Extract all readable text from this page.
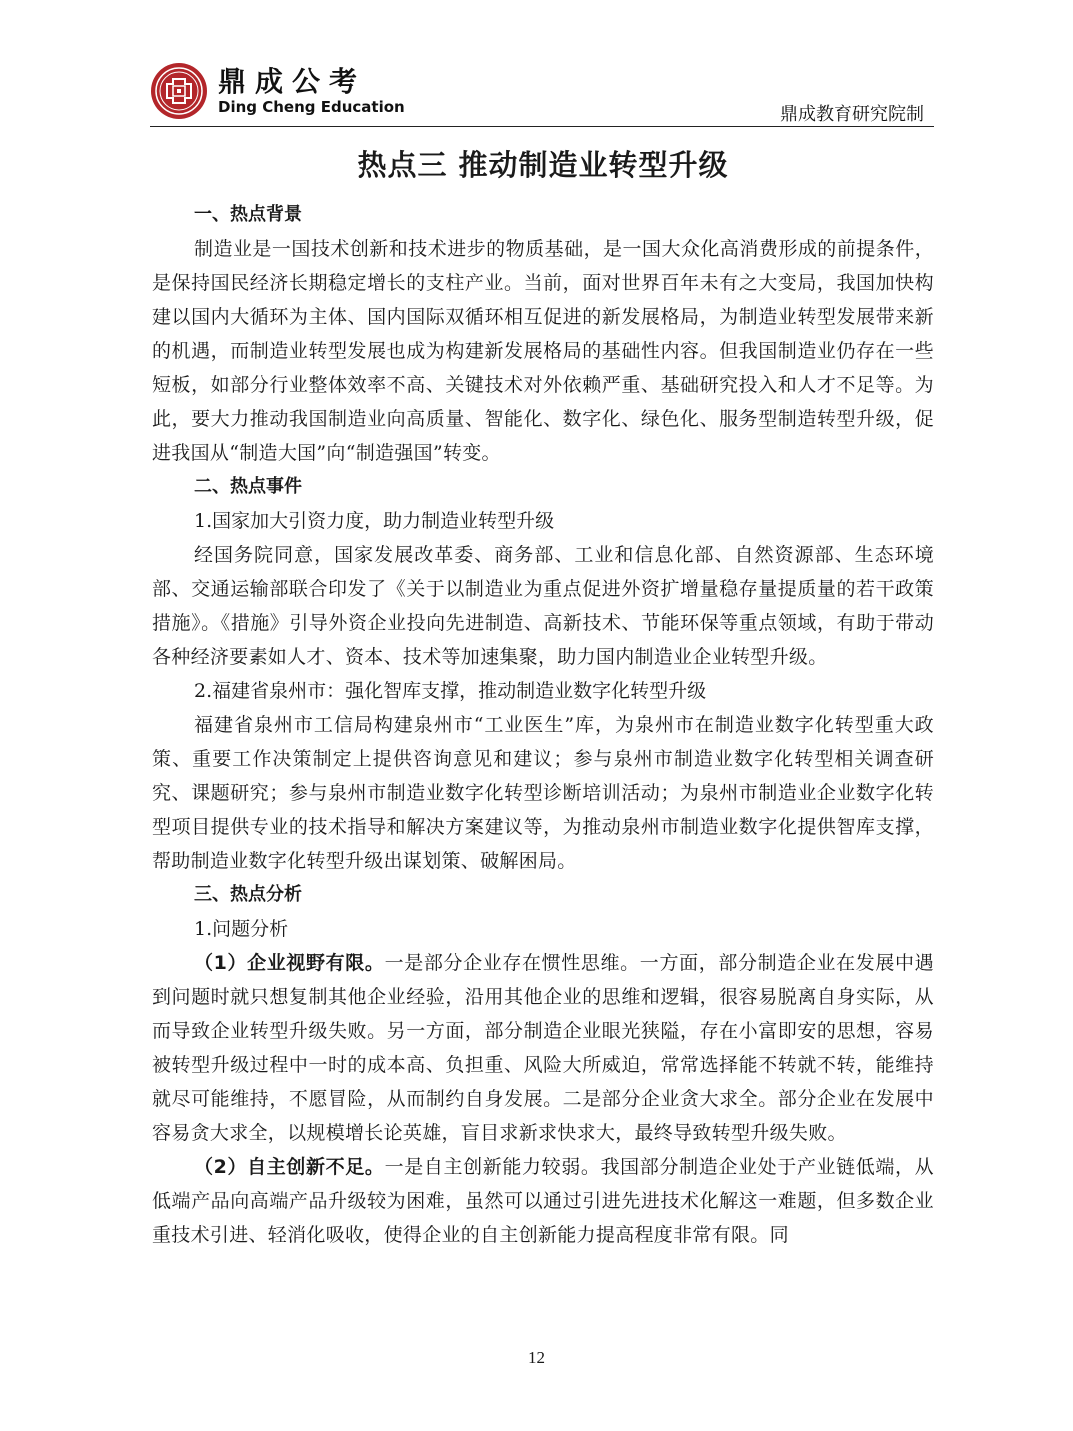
鼎成公考
Ding Cheng Education	鼎成教育研究院制
热点三 推动制造业转型升级

一、热点背景

制造业是一国技术创新和技术进步的物质基础，是一国大众化高消费形成的前提条件，是保持国民经济长期稳定增长的支柱产业。当前，面对世界百年未有之大变局，我国加快构建以国内大循环为主体、国内国际双循环相互促进的新发展格局，为制造业转型发展带来新的机遇，而制造业转型发展也成为构建新发展格局的基础性内容。但我国制造业仍存在一些短板，如部分行业整体效率不高、关键技术对外依赖严重、基础研究投入和人才不足等。为此，要大力推动我国制造业向高质量、智能化、数字化、绿色化、服务型制造转型升级，促进我国从“制造大国”向“制造强国”转变。

二、热点事件

1.国家加大引资力度，助力制造业转型升级

经国务院同意，国家发展改革委、商务部、工业和信息化部、自然资源部、生态环境部、交通运输部联合印发了《关于以制造业为重点促进外资扩增量稳存量提质量的若干政策措施》。《措施》引导外资企业投向先进制造、高新技术、节能环保等重点领域，有助于带动各种经济要素如人才、资本、技术等加速集聚，助力国内制造业企业转型升级。

2.福建省泉州市：强化智库支撑，推动制造业数字化转型升级

福建省泉州市工信局构建泉州市“工业医生”库，为泉州市在制造业数字化转型重大政策、重要工作决策制定上提供咨询意见和建议；参与泉州市制造业数字化转型相关调查研究、课题研究；参与泉州市制造业数字化转型诊断培训活动；为泉州市制造业企业数字化转型项目提供专业的技术指导和解决方案建议等，为推动泉州市制造业数字化提供智库支撑，帮助制造业数字化转型升级出谋划策、破解困局。

三、热点分析

1.问题分析

（1）企业视野有限。一是部分企业存在惯性思维。一方面，部分制造企业在发展中遇到问题时就只想复制其他企业经验，沿用其他企业的思维和逻辑，很容易脱离自身实际，从而导致企业转型升级失败。另一方面，部分制造企业眼光狭隘，存在小富即安的思想，容易被转型升级过程中一时的成本高、负担重、风险大所威迫，常常选择能不转就不转，能维持就尽可能维持，不愿冒险，从而制约自身发展。二是部分企业贪大求全。部分企业在发展中容易贪大求全，以规模增长论英雄，盲目求新求快求大，最终导致转型升级失败。

（2）自主创新不足。一是自主创新能力较弱。我国部分制造企业处于产业链低端，从低端产品向高端产品升级较为困难，虽然可以通过引进先进技术化解这一难题，但多数企业重技术引进、轻消化吸收，使得企业的自主创新能力提高程度非常有限。同

12
